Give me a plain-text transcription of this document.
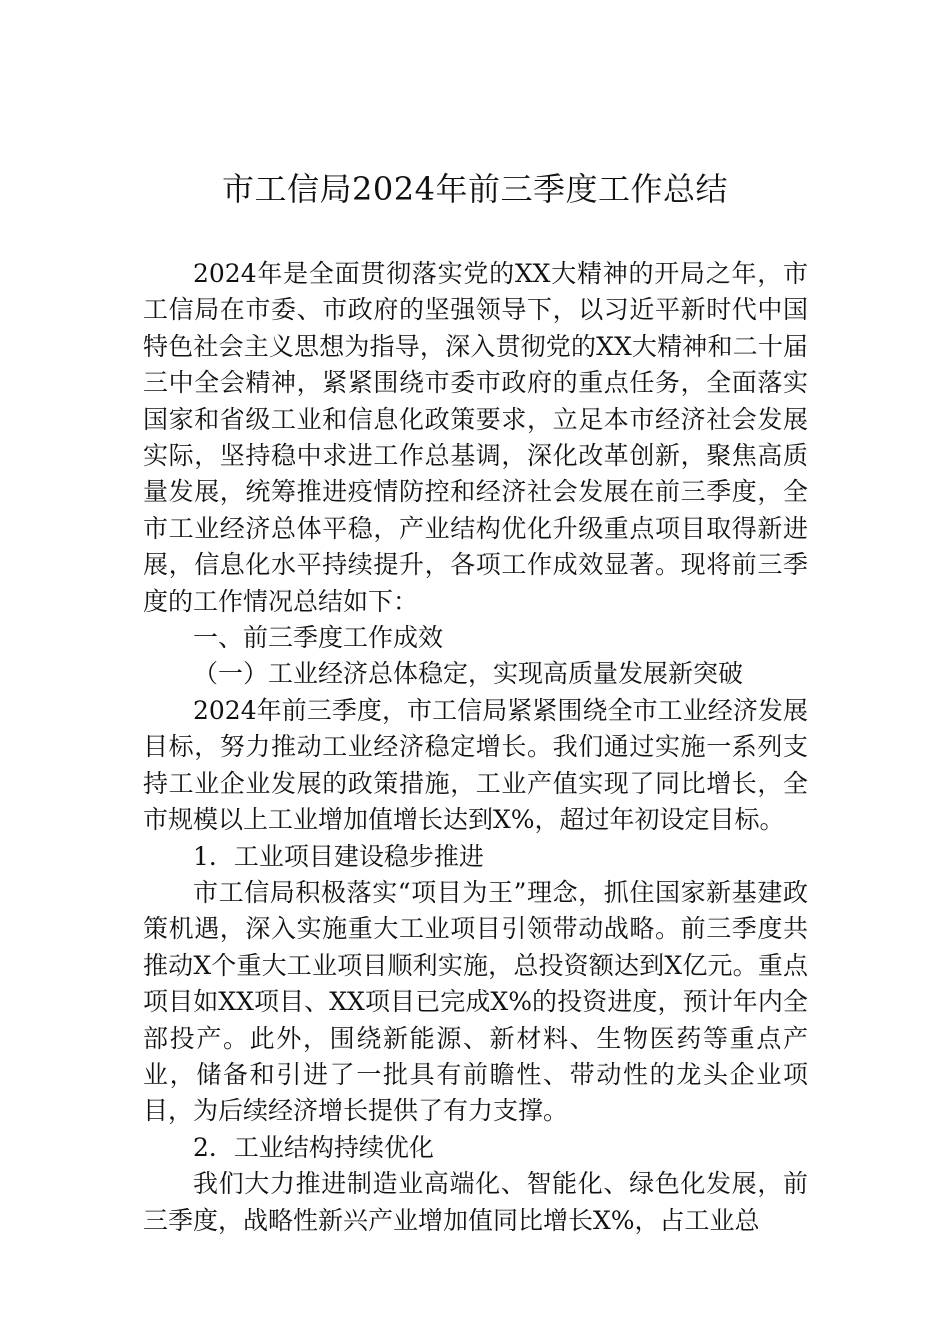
市工信局2024年前三季度工作总结

2024年是全面贯彻落实党的XX大精神的开局之年，市工信局在市委、市政府的坚强领导下，以习近平新时代中国特色社会主义思想为指导，深入贯彻党的XX大精神和二十届三中全会精神，紧紧围绕市委市政府的重点任务，全面落实国家和省级工业和信息化政策要求，立足本市经济社会发展实际，坚持稳中求进工作总基调，深化改革创新，聚焦高质量发展，统筹推进疫情防控和经济社会发展在前三季度，全市工业经济总体平稳，产业结构优化升级重点项目取得新进展，信息化水平持续提升，各项工作成效显著。现将前三季度的工作情况总结如下：

一、前三季度工作成效

（一）工业经济总体稳定，实现高质量发展新突破

2024年前三季度，市工信局紧紧围绕全市工业经济发展目标，努力推动工业经济稳定增长。我们通过实施一系列支持工业企业发展的政策措施，工业产值实现了同比增长，全市规模以上工业增加值增长达到X%，超过年初设定目标。

1．工业项目建设稳步推进

市工信局积极落实“项目为王”理念，抓住国家新基建政策机遇，深入实施重大工业项目引领带动战略。前三季度共推动X个重大工业项目顺利实施，总投资额达到X亿元。重点项目如XX项目、XX项目已完成X%的投资进度，预计年内全部投产。此外，围绕新能源、新材料、生物医药等重点产业，储备和引进了一批具有前瞻性、带动性的龙头企业项目，为后续经济增长提供了有力支撑。

2．工业结构持续优化

我们大力推进制造业高端化、智能化、绿色化发展，前三季度，战略性新兴产业增加值同比增长X%，占工业总
